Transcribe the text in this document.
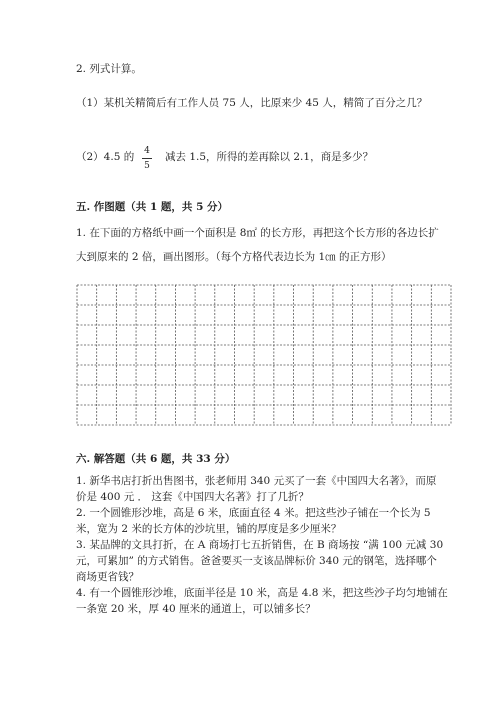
2. 列式计算。
（1）某机关精简后有工作人员 75 人，比原来少 45 人，精简了百分之几？
（2）4.5 的	4
5
减去 1.5，所得的差再除以 2.1，商是多少？
五. 作图题（共 1 题，共 5 分）
1. 在下面的方格纸中画一个面积是 8㎡ 的长方形，再把这个长方形的各边长扩
大到原来的 2 倍，画出图形。（每个方格代表边长为 1㎝ 的正方形）
六. 解答题（共 6 题，共 33 分）
1. 新华书店打折出售图书，张老师用 340 元买了一套《中国四大名著》，而原
价是 400 元 ． 这套《中国四大名著》打了几折？
2. 一个圆锥形沙堆，高是 6 米，底面直径 4 米。把这些沙子铺在一个长为 5
米，宽为 2 米的长方体的沙坑里，铺的厚度是多少厘米？
3. 某品牌的文具打折，在 A 商场打七五折销售，在 B 商场按 “满 100 元减 30
元，可累加” 的方式销售。爸爸要买一支该品牌标价 340 元的钢笔，选择哪个
商场更省钱？
4. 有一个圆锥形沙堆，底面半径是 10 米，高是 4.8 米，把这些沙子均匀地铺在
一条宽 20 米，厚 40 厘米的通道上，可以铺多长？
